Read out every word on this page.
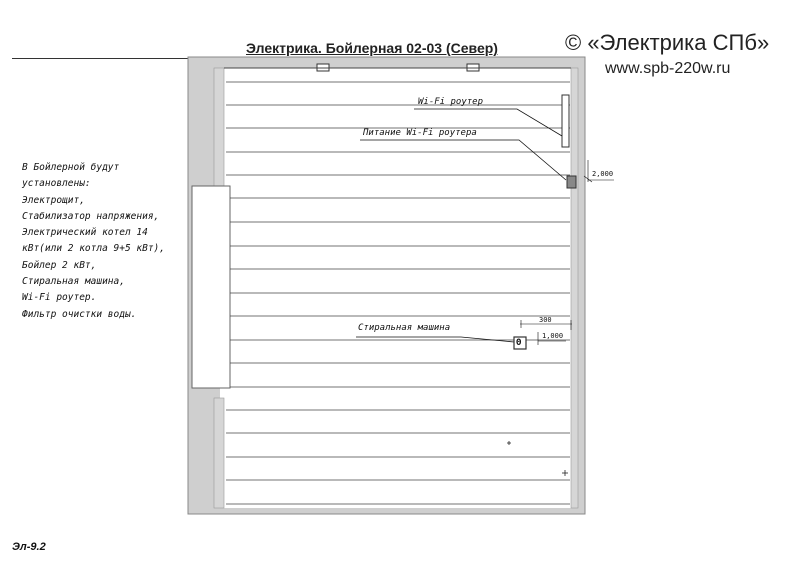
Электрика. Бойлерная 02-03 (Север)	© «Электрика СПб»
www.spb-220w.ru
В Бойлерной будут
установлены:
Электрощит,
Стабилизатор напряжения,
Электрический котел 14
кВт(или 2 котла 9+5 кВт),
Бойлер 2 кВт,
Стиральная машина,
Wi-Fi роутер.
Фильтр очистки воды.
Wi-Fi роутер
Питание Wi-Fi роутера
Стиральная машина
2,000
300
1,000
Θ
Эл-9.2
